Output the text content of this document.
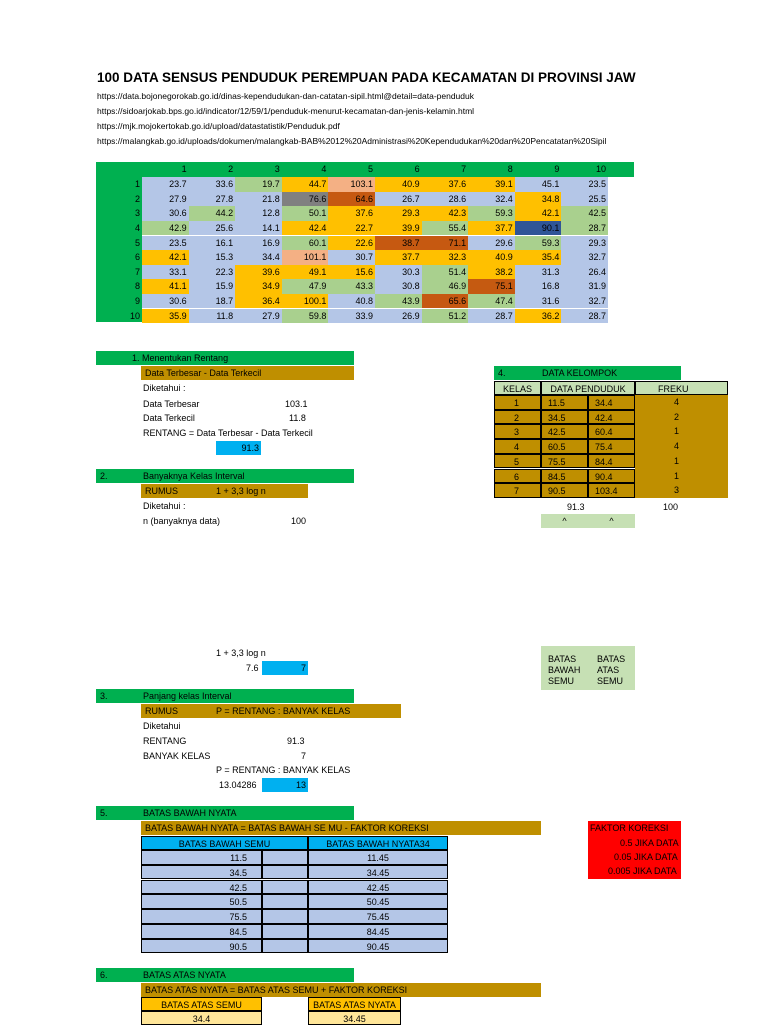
100 DATA SENSUS PENDUDUK PEREMPUAN PADA KECAMATAN DI PROVINSI JAW
https://data.bojonegorokab.go.id/dinas-kependudukan-dan-catatan-sipil.html@detail=data-penduduk
https://sidoarjokab.bps.go.id/indicator/12/59/1/penduduk-menurut-kecamatan-dan-jenis-kelamin.html
https://mjk.mojokertokab.go.id/upload/datastatistik/Penduduk.pdf
https://malangkab.go.id/uploads/dokumen/malangkab-BAB%2012%20Administrasi%20Kependudukan%20dan%20Pencatatan%20Sipil
1	2	3	4	5	6	7	8	9	10
1	23.7	33.6	19.7	44.7	103.1	40.9	37.6	39.1	45.1	23.5
2	27.9	27.8	21.8	76.6	64.6	26.7	28.6	32.4	34.8	25.5
3	30.6	44.2	12.8	50.1	37.6	29.3	42.3	59.3	42.1	42.5
4	42.9	25.6	14.1	42.4	22.7	39.9	55.4	37.7	90.1	28.7
5	23.5	16.1	16.9	60.1	22.6	38.7	71.1	29.6	59.3	29.3
6	42.1	15.3	34.4	101.1	30.7	37.7	32.3	40.9	35.4	32.7
7	33.1	22.3	39.6	49.1	15.6	30.3	51.4	38.2	31.3	26.4
8	41.1	15.9	34.9	47.9	43.3	30.8	46.9	75.1	16.8	31.9
9	30.6	18.7	36.4	100.1	40.8	43.9	65.6	47.4	31.6	32.7
10	35.9	11.8	27.9	59.8	33.9	26.9	51.2	28.7	36.2	28.7
1. Menentukan Rentang
Data Terbesar - Data Terkecil
Diketahui :
Data Terbesar	103.1
Data Terkecil	11.8
RENTANG = Data Terbesar - Data Terkecil
91.3
2.	Banyaknya Kelas Interval
RUMUS	1 + 3,3 log n
Diketahui :
n (banyaknya data)	100
1 + 3,3 log n
7.6	7
3.	Panjang kelas Interval
RUMUS	P = RENTANG : BANYAK KELAS
Diketahui
RENTANG	91.3
BANYAK KELAS	7
P = RENTANG : BANYAK KELAS
13.04286	13
4.	DATA KELOMPOK
KELAS	DATA PENDUDUK	FREKU
1	11.5	34.4	4
2	34.5	42.4	2
3	42.5	60.4	1
4	60.5	75.4	4
5	75.5	84.4	1
6	84.5	90.4	1
7	90.5	103.4	3
91.3	100
^	^
BATAS
BAWAH
SEMU
BATAS
ATAS
SEMU
5.	BATAS BAWAH NYATA
BATAS BAWAH NYATA = BATAS BAWAH SE MU - FAKTOR KOREKSI
BATAS BAWAH SEMU	BATAS BAWAH NYATA34
11.5	11.45
34.5	34.45
42.5	42.45
50.5	50.45
75.5	75.45
84.5	84.45
90.5	90.45
FAKTOR KOREKSI
0.5 JIKA DATA
0.05 JIKA DATA
0.005 JIKA DATA
6.	BATAS ATAS NYATA
BATAS ATAS NYATA = BATAS ATAS SEMU + FAKTOR KOREKSI
BATAS ATAS SEMU	BATAS ATAS NYATA
34.4	34.45
